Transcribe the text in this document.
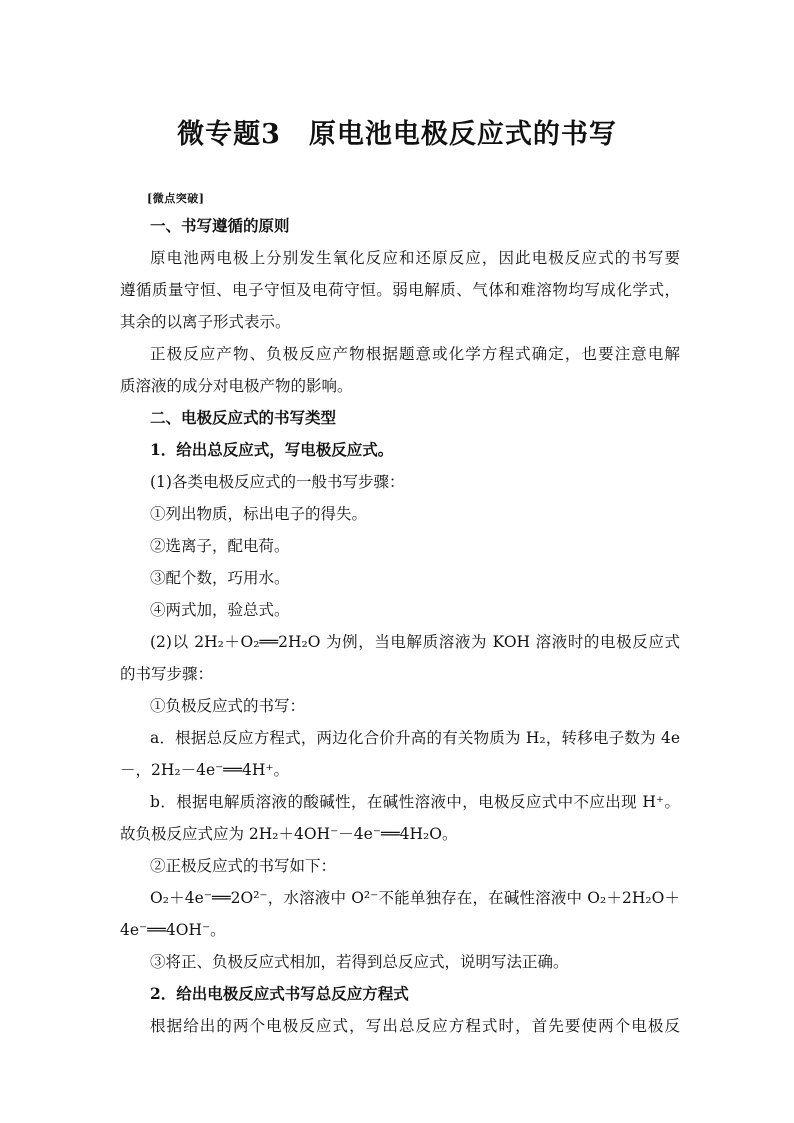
微专题3　原电池电极反应式的书写
[微点突破]
一、书写遵循的原则
原电池两电极上分别发生氧化反应和还原反应，因此电极反应式的书写要
遵循质量守恒、电子守恒及电荷守恒。弱电解质、气体和难溶物均写成化学式，
其余的以离子形式表示。
正极反应产物、负极反应产物根据题意或化学方程式确定，也要注意电解
质溶液的成分对电极产物的影响。
二、电极反应式的书写类型
1．给出总反应式，写电极反应式。
(1)各类电极反应式的一般书写步骤：
①列出物质，标出电子的得失。
②选离子，配电荷。
③配个数，巧用水。
④两式加，验总式。
(2)以 2H₂＋O₂══2H₂O 为例，当电解质溶液为 KOH 溶液时的电极反应式
的书写步骤：
①负极反应式的书写：
a．根据总反应方程式，两边化合价升高的有关物质为 H₂，转移电子数为 4e
－，2H₂－4e⁻══4H⁺。
b．根据电解质溶液的酸碱性，在碱性溶液中，电极反应式中不应出现 H⁺。
故负极反应式应为 2H₂＋4OH⁻－4e⁻══4H₂O。
②正极反应式的书写如下：
O₂＋4e⁻══2O²⁻，水溶液中 O²⁻不能单独存在，在碱性溶液中 O₂＋2H₂O＋
4e⁻══4OH⁻。
③将正、负极反应式相加，若得到总反应式，说明写法正确。
2．给出电极反应式书写总反应方程式
根据给出的两个电极反应式，写出总反应方程式时，首先要使两个电极反
